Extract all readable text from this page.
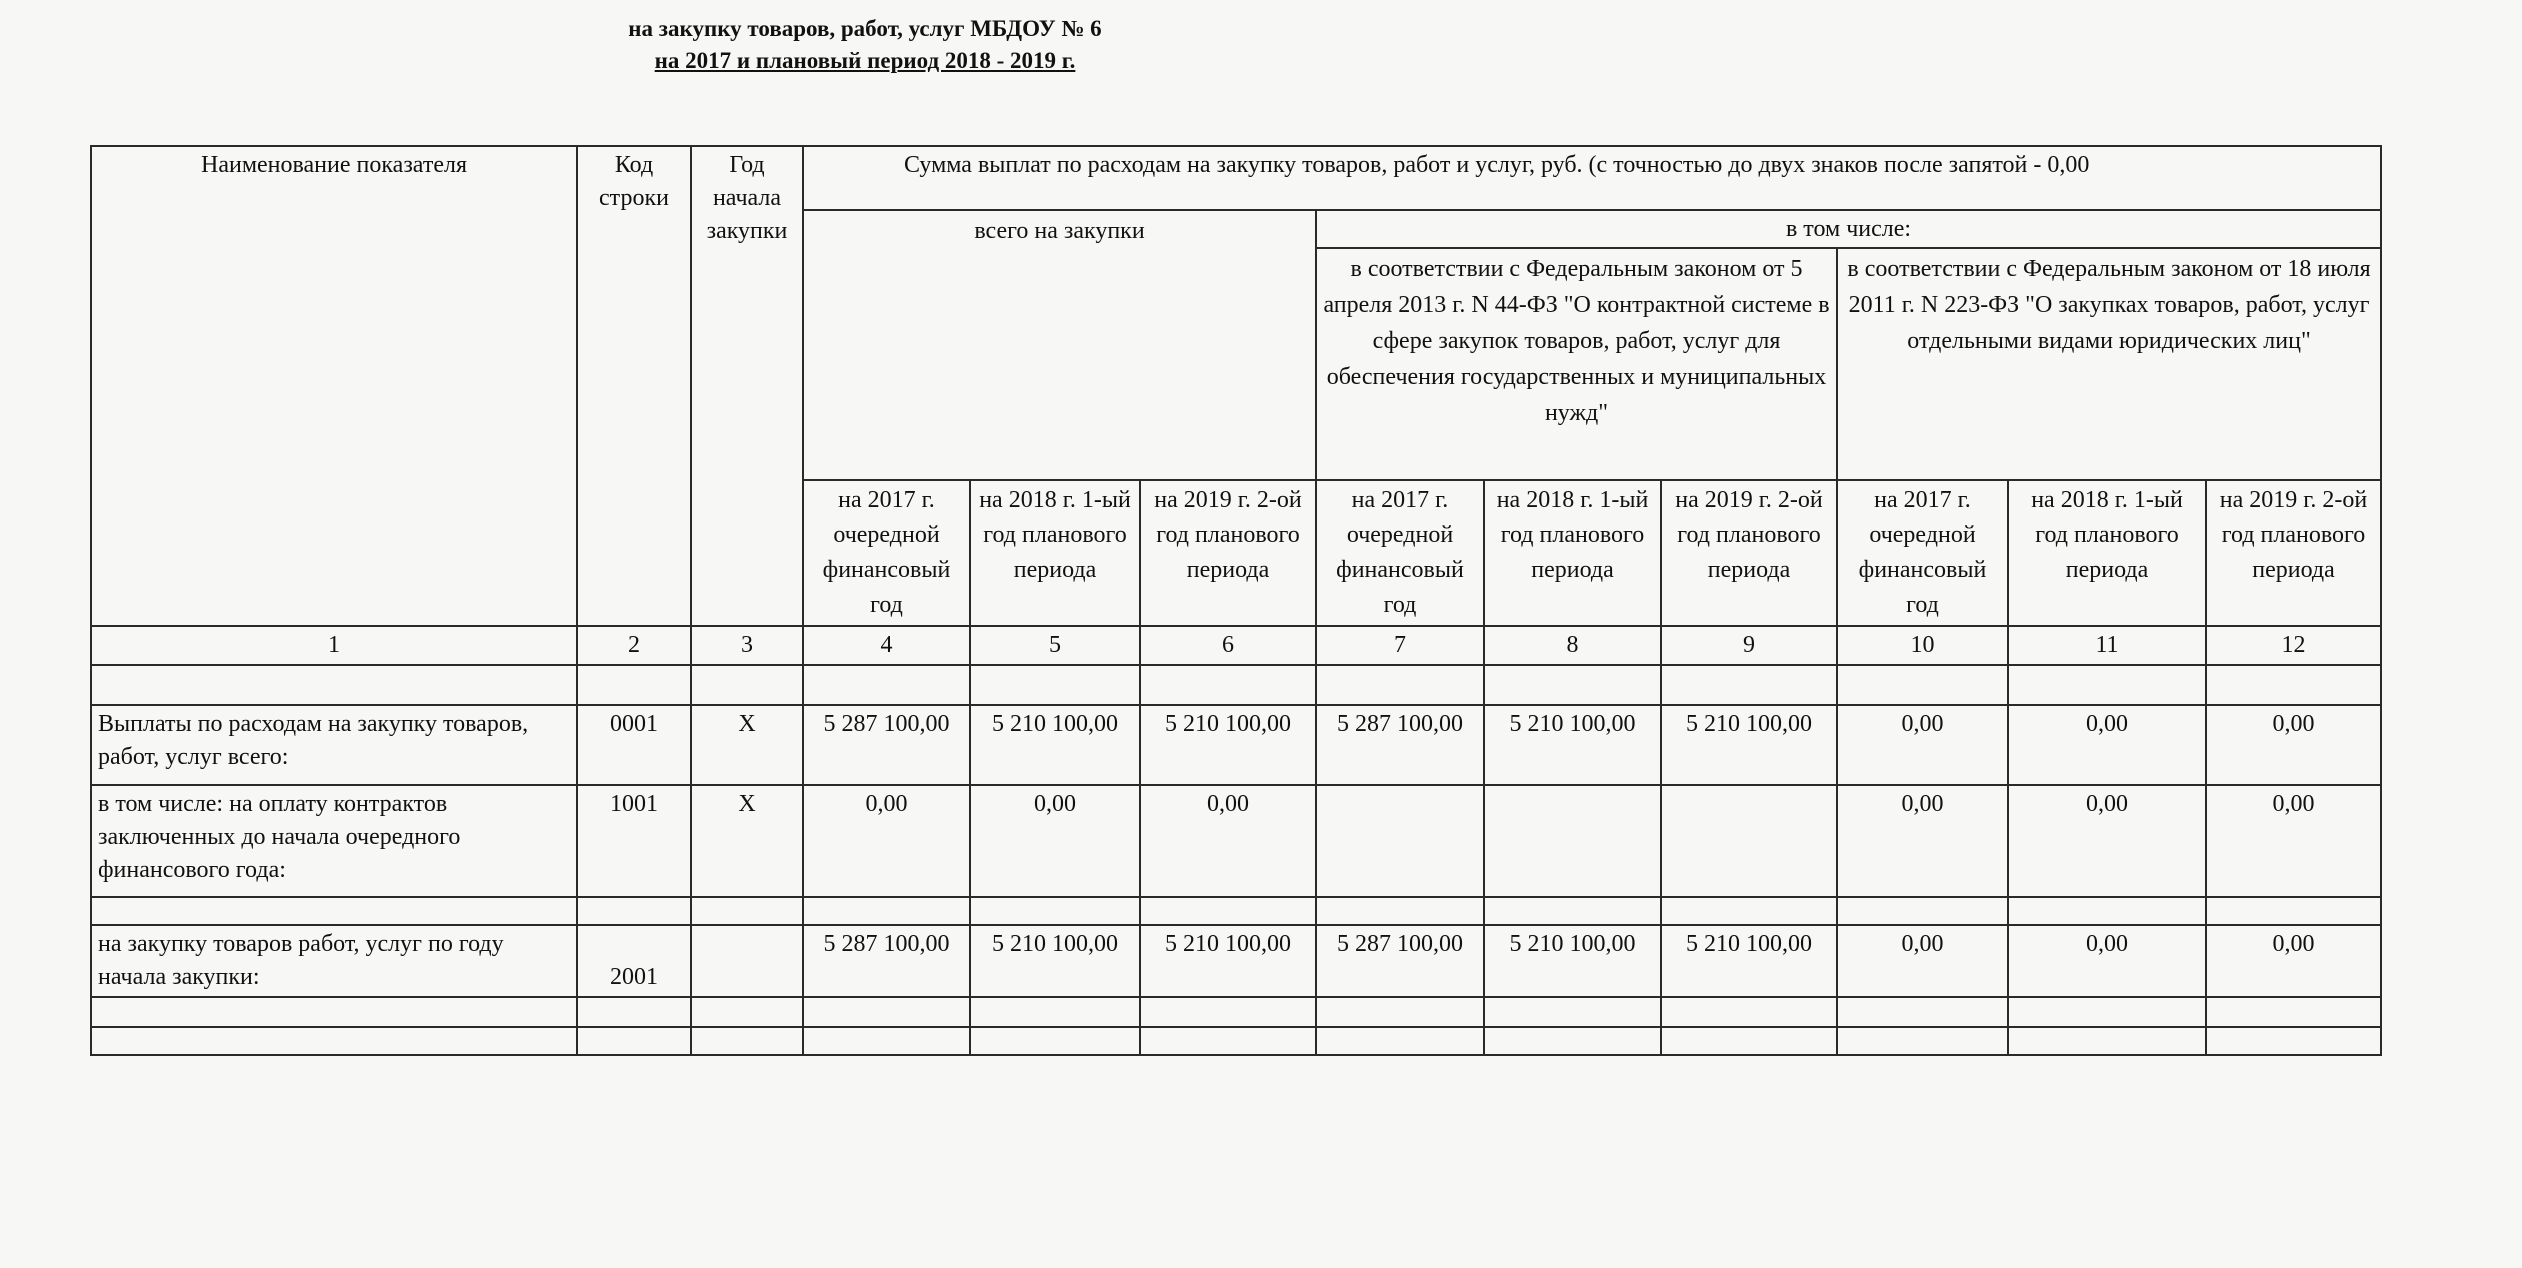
на закупку товаров, работ, услуг МБДОУ № 6
на 2017 и плановый период 2018 - 2019 г.
Наименование показателя	Код строки	Год начала закупки	Сумма выплат по расходам на закупку товаров, работ и услуг, руб. (с точностью до двух знаков после запятой - 0,00								
			всего на закупки			в том числе:					
						в соответствии с Федеральным законом от 5 апреля 2013 г. N 44-ФЗ "О контрактной системе в сфере закупок товаров, работ, услуг для обеспечения государственных и муниципальных нужд"			в соответствии с Федеральным законом от 18 июля 2011 г. N 223-ФЗ "О закупках товаров, работ, услуг отдельными видами юридических лиц"		
			на 2017 г. очередной финансовый год	на 2018 г. 1-ый год планового периода	на 2019 г. 2-ой год планового периода	на 2017 г. очередной финансовый год	на 2018 г. 1-ый год планового периода	на 2019 г. 2-ой год планового периода	на 2017 г. очередной финансовый год	на 2018 г. 1-ый год планового периода	на 2019 г. 2-ой год планового периода
1	2	3	4	5	6	7	8	9	10	11	12

Выплаты по расходам на закупку товаров, работ, услуг всего:	0001	X	5 287 100,00	5 210 100,00	5 210 100,00	5 287 100,00	5 210 100,00	5 210 100,00	0,00	0,00	0,00
в том числе: на оплату контрактов заключенных до начала очередного финансового года:	1001	X	0,00	0,00	0,00				0,00	0,00	0,00

на закупку товаров работ, услуг по году начала закупки:	2001		5 287 100,00	5 210 100,00	5 210 100,00	5 287 100,00	5 210 100,00	5 210 100,00	0,00	0,00	0,00
